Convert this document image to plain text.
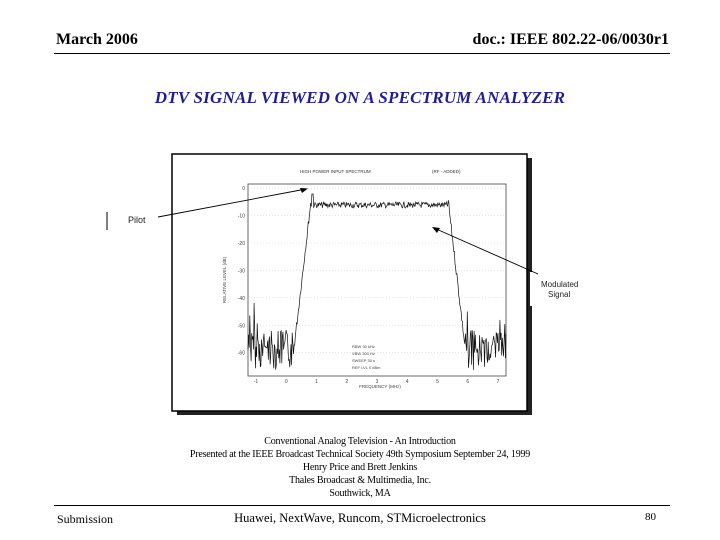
March 2006	doc.: IEEE 802.22-06/0030r1
DTV SIGNAL VIEWED ON A SPECTRUM ANALYZER
HIGH POWER INPUT SPECTRUM	(RF - ADDED)
0
-10
-20
-30
-40
-50
-60
-1	0	1	2	3	4	5	6	7
RELATIVE LEVEL (dB)
FREQUENCY (MHz)
RBW 30 kHz
VBW 300 Hz
SWEEP 30 s
REF LVL 0 dBm
Pilot
Modulated
Signal
Conventional Analog Television - An Introduction
Presented at the IEEE Broadcast Technical Society 49th Symposium September 24, 1999
Henry Price and Brett Jenkins
Thales Broadcast & Multimedia, Inc.
Southwick, MA
Submission	Huawei, NextWave, Runcom, STMicroelectronics	80
